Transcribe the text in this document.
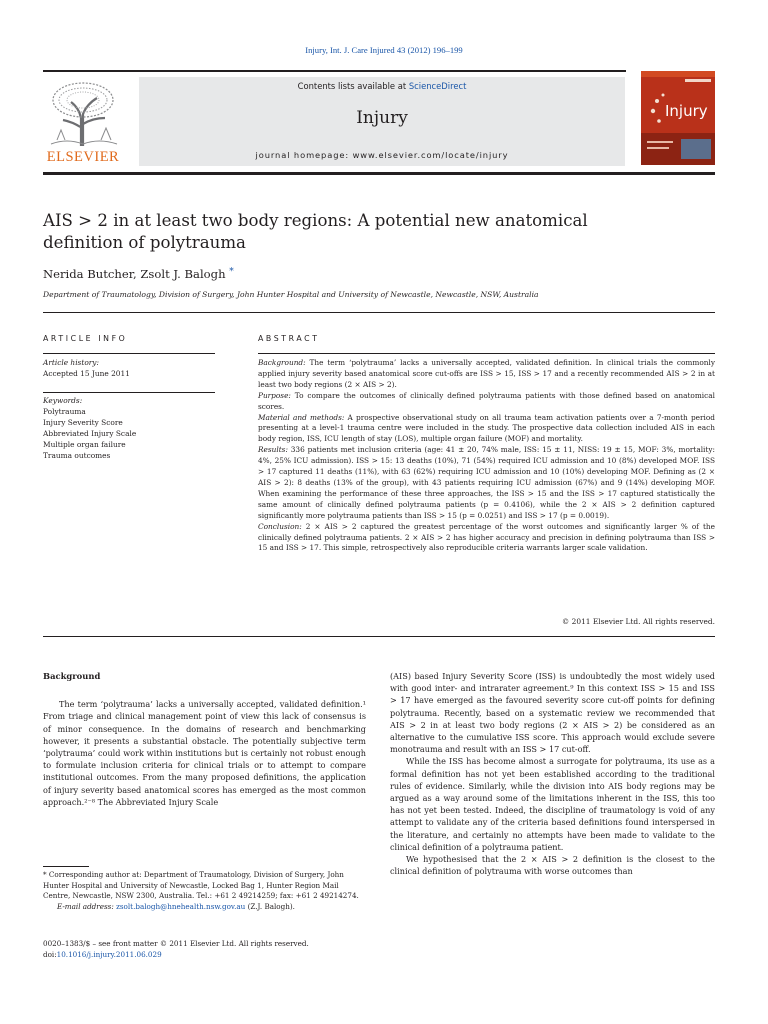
Injury, Int. J. Care Injured 43 (2012) 196–199
ELSEVIER
Contents lists available at ScienceDirect
Injury
journal homepage: www.elsevier.com/locate/injury
Injury
AIS > 2 in at least two body regions: A potential new anatomical definition of polytrauma
Nerida Butcher, Zsolt J. Balogh *
Department of Traumatology, Division of Surgery, John Hunter Hospital and University of Newcastle, Newcastle, NSW, Australia
ARTICLE INFO	ABSTRACT
Article history:
Accepted 15 June 2011
Keywords:
Polytrauma
Injury Severity Score
Abbreviated Injury Scale
Multiple organ failure
Trauma outcomes

Background: The term ‘polytrauma’ lacks a universally accepted, validated definition. In clinical trials the commonly applied injury severity based anatomical score cut-offs are ISS > 15, ISS > 17 and a recently recommended AIS > 2 in at least two body regions (2 × AIS > 2).

Purpose: To compare the outcomes of clinically defined polytrauma patients with those defined based on anatomical scores.

Material and methods: A prospective observational study on all trauma team activation patients over a 7-month period presenting at a level-1 trauma centre were included in the study. The prospective data collection included AIS in each body region, ISS, ICU length of stay (LOS), multiple organ failure (MOF) and mortality.

Results: 336 patients met inclusion criteria (age: 41 ± 20, 74% male, ISS: 15 ± 11, NISS: 19 ± 15, MOF: 3%, mortality: 4%, 25% ICU admission). ISS > 15: 13 deaths (10%), 71 (54%) required ICU admission and 10 (8%) developed MOF. ISS > 17 captured 11 deaths (11%), with 63 (62%) requiring ICU admission and 10 (10%) developing MOF. Defining as (2 × AIS > 2): 8 deaths (13% of the group), with 43 patients requiring ICU admission (67%) and 9 (14%) developing MOF. When examining the performance of these three approaches, the ISS > 15 and the ISS > 17 captured statistically the same amount of clinically defined polytrauma patients (p = 0.4106), while the 2 × AIS > 2 definition captured significantly more polytrauma patients than ISS > 15 (p = 0.0251) and ISS > 17 (p = 0.0019).

Conclusion: 2 × AIS > 2 captured the greatest percentage of the worst outcomes and significantly larger % of the clinically defined polytrauma patients. 2 × AIS > 2 has higher accuracy and precision in defining polytrauma than ISS > 15 and ISS > 17. This simple, retrospectively also reproducible criteria warrants larger scale validation.

© 2011 Elsevier Ltd. All rights reserved.
Background

The term ‘polytrauma’ lacks a universally accepted, validated definition.¹ From triage and clinical management point of view this lack of consensus is of minor consequence. In the domains of research and benchmarking however, it presents a substantial obstacle. The potentially subjective term ‘polytrauma’ could work within institutions but is certainly not robust enough to formulate inclusion criteria for clinical trials or to attempt to compare institutional outcomes. From the many proposed definitions, the application of injury severity based anatomical scores has emerged as the most common approach.²⁻⁸ The Abbreviated Injury Scale

(AIS) based Injury Severity Score (ISS) is undoubtedly the most widely used with good inter- and intrarater agreement.⁹ In this context ISS > 15 and ISS > 17 have emerged as the favoured severity score cut-off points for defining polytrauma. Recently, based on a systematic review we recommended that AIS > 2 in at least two body regions (2 × AIS > 2) be considered as an alternative to the cumulative ISS score. This approach would exclude severe monotrauma and result with an ISS > 17 cut-off.

While the ISS has become almost a surrogate for polytrauma, its use as a formal definition has not yet been established according to the traditional rules of evidence. Similarly, while the division into AIS body regions may be argued as a way around some of the limitations inherent in the ISS, this too has not yet been tested. Indeed, the discipline of traumatology is void of any attempt to validate any of the criteria based definitions found interspersed in the literature, and certainly no attempts have been made to validate to the clinical definition of a polytrauma patient.

We hypothesised that the 2 × AIS > 2 definition is the closest to the clinical definition of polytrauma with worse outcomes than

* Corresponding author at: Department of Traumatology, Division of Surgery, John Hunter Hospital and University of Newcastle, Locked Bag 1, Hunter Region Mail Centre, Newcastle, NSW 2300, Australia. Tel.: +61 2 49214259; fax: +61 2 49214274.
E-mail address: zsolt.balogh@hnehealth.nsw.gov.au (Z.J. Balogh).
0020–1383/$ – see front matter © 2011 Elsevier Ltd. All rights reserved.
doi:10.1016/j.injury.2011.06.029
